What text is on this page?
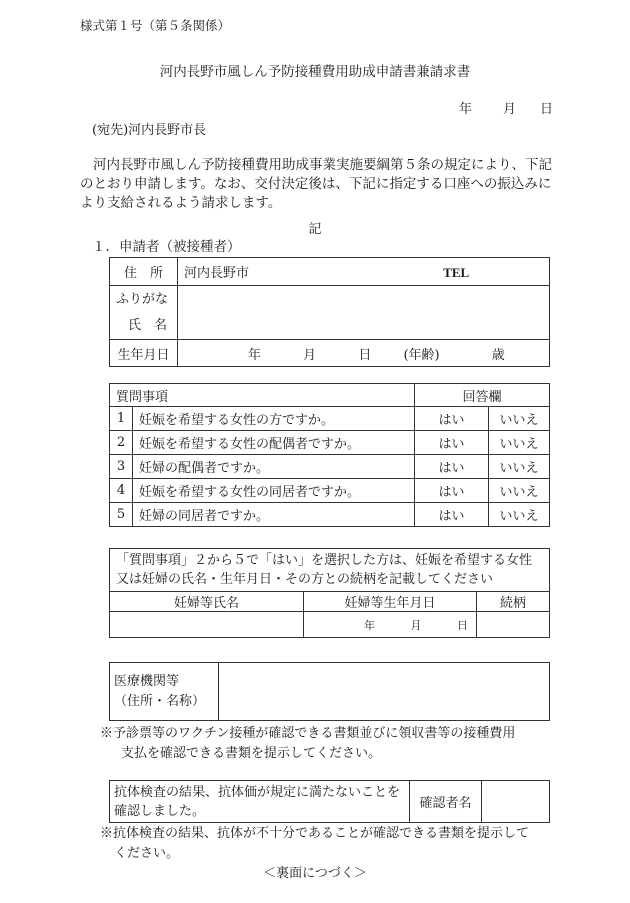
様式第１号（第５条関係）
河内長野市風しん予防接種費用助成申請書兼請求書
年 月 日
(宛先)河内長野市長
河内長野市風しん予防接種費用助成事業実施要綱第５条の規定により、下記
のとおり申請します。なお、交付決定後は、下記に指定する口座への振込みに
より支給されるよう請求します。
記
１．申請者（被接種者）
住　所	河内長野市 TEL

ふりがな
氏　名	

生年月日	年 月 日 (年齢) 歳
質問事項		回答欄	
1	妊娠を希望する女性の方ですか。	はい	いいえ
2	妊娠を希望する女性の配偶者ですか。	はい	いいえ
3	妊婦の配偶者ですか。	はい	いいえ
4	妊娠を希望する女性の同居者ですか。	はい	いいえ
5	妊婦の同居者ですか。	はい	いいえ
「質問事項」２から５で「はい」を選択した方は、妊娠を希望する女性
又は妊婦の氏名・生年月日・その方との続柄を記載してください		

妊婦等氏名	妊婦等生年月日	続柄
	年 月 日	
医療機関等
（住所・名称）

※予診票等のワクチン接種が確認できる書類並びに領収書等の接種費用
支払を確認できる書類を提示してください。
抗体検査の結果、抗体価が規定に満たないことを
確認しました。	確認者名	
※抗体検査の結果、抗体が不十分であることが確認できる書類を提示して
ください。
＜裏面につづく＞
